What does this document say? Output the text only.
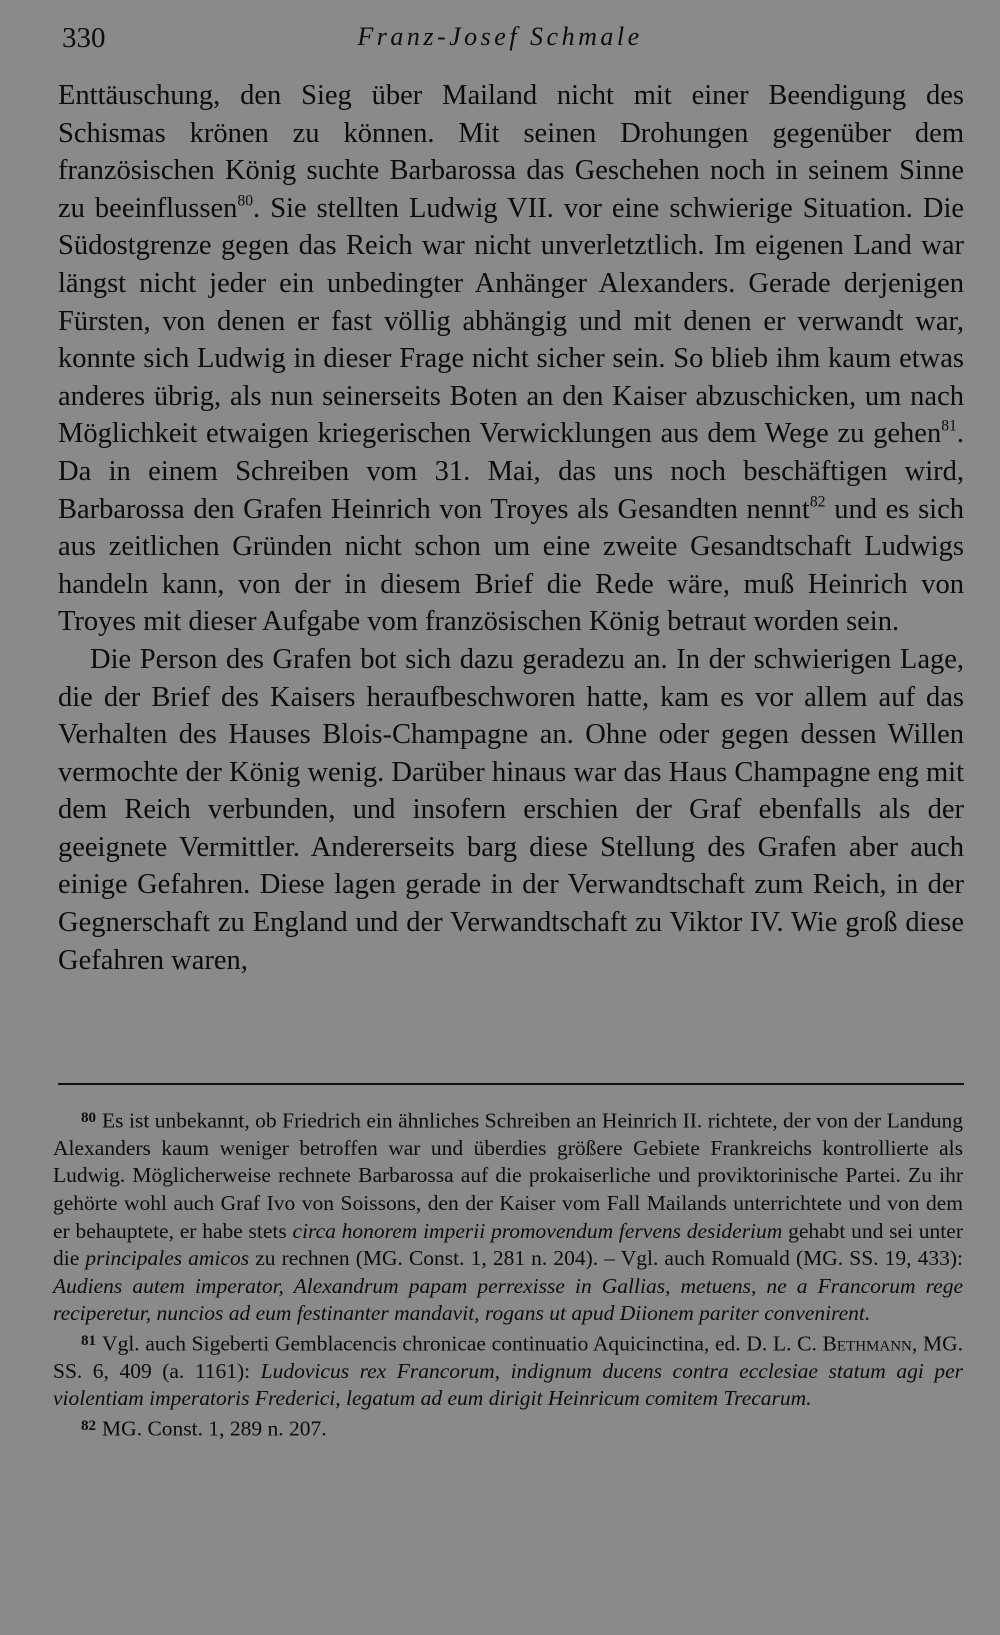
330	Franz-Josef Schmale

Enttäuschung, den Sieg über Mailand nicht mit einer Beendigung des Schismas krönen zu können. Mit seinen Drohungen gegenüber dem französischen König suchte Barbarossa das Geschehen noch in seinem Sinne zu beeinflussen$^{80}$. Sie stellten Ludwig VII. vor eine schwierige Situation. Die Südostgrenze gegen das Reich war nicht unverletztlich. Im eigenen Land war längst nicht jeder ein unbedingter Anhänger Alexanders. Gerade derjenigen Fürsten, von denen er fast völlig abhängig und mit denen er verwandt war, konnte sich Ludwig in dieser Frage nicht sicher sein. So blieb ihm kaum etwas anderes übrig, als nun seinerseits Boten an den Kaiser abzuschicken, um nach Möglichkeit etwaigen kriegerischen Verwicklungen aus dem Wege zu gehen$^{81}$. Da in einem Schreiben vom 31. Mai, das uns noch beschäftigen wird, Barbarossa den Grafen Heinrich von Troyes als Gesandten nennt$^{82}$ und es sich aus zeitlichen Gründen nicht schon um eine zweite Gesandtschaft Ludwigs handeln kann, von der in diesem Brief die Rede wäre, muß Heinrich von Troyes mit dieser Aufgabe vom französischen König betraut worden sein.

Die Person des Grafen bot sich dazu geradezu an. In der schwierigen Lage, die der Brief des Kaisers heraufbeschworen hatte, kam es vor allem auf das Verhalten des Hauses Blois-Champagne an. Ohne oder gegen dessen Willen vermochte der König wenig. Darüber hinaus war das Haus Champagne eng mit dem Reich verbunden, und insofern erschien der Graf ebenfalls als der geeignete Vermittler. Andererseits barg diese Stellung des Grafen aber auch einige Gefahren. Diese lagen gerade in der Verwandtschaft zum Reich, in der Gegnerschaft zu England und der Verwandtschaft zu Viktor IV. Wie groß diese Gefahren waren,

$^{80}$ Es ist unbekannt, ob Friedrich ein ähnliches Schreiben an Heinrich II. richtete, der von der Landung Alexanders kaum weniger betroffen war und überdies größere Gebiete Frankreichs kontrollierte als Ludwig. Möglicherweise rechnete Barbarossa auf die prokaiserliche und proviktorinische Partei. Zu ihr gehörte wohl auch Graf Ivo von Soissons, den der Kaiser vom Fall Mailands unterrichtete und von dem er behauptete, er habe stets circa honorem imperii promovendum fervens desiderium gehabt und sei unter die principales amicos zu rechnen (MG. Const. 1, 281 n. 204). – Vgl. auch Romuald (MG. SS. 19, 433): Audiens autem imperator, Alexandrum papam perrexisse in Gallias, metuens, ne a Francorum rege reciperetur, nuncios ad eum festinanter mandavit, rogans ut apud Diionem pariter convenirent.

$^{81}$ Vgl. auch Sigeberti Gemblacencis chronicae continuatio Aquicinctina, ed. D. L. C. Bethmann, MG. SS. 6, 409 (a. 1161): Ludovicus rex Francorum, indignum ducens contra ecclesiae statum agi per violentiam imperatoris Frederici, legatum ad eum dirigit Heinricum comitem Trecarum.

$^{82}$ MG. Const. 1, 289 n. 207.
